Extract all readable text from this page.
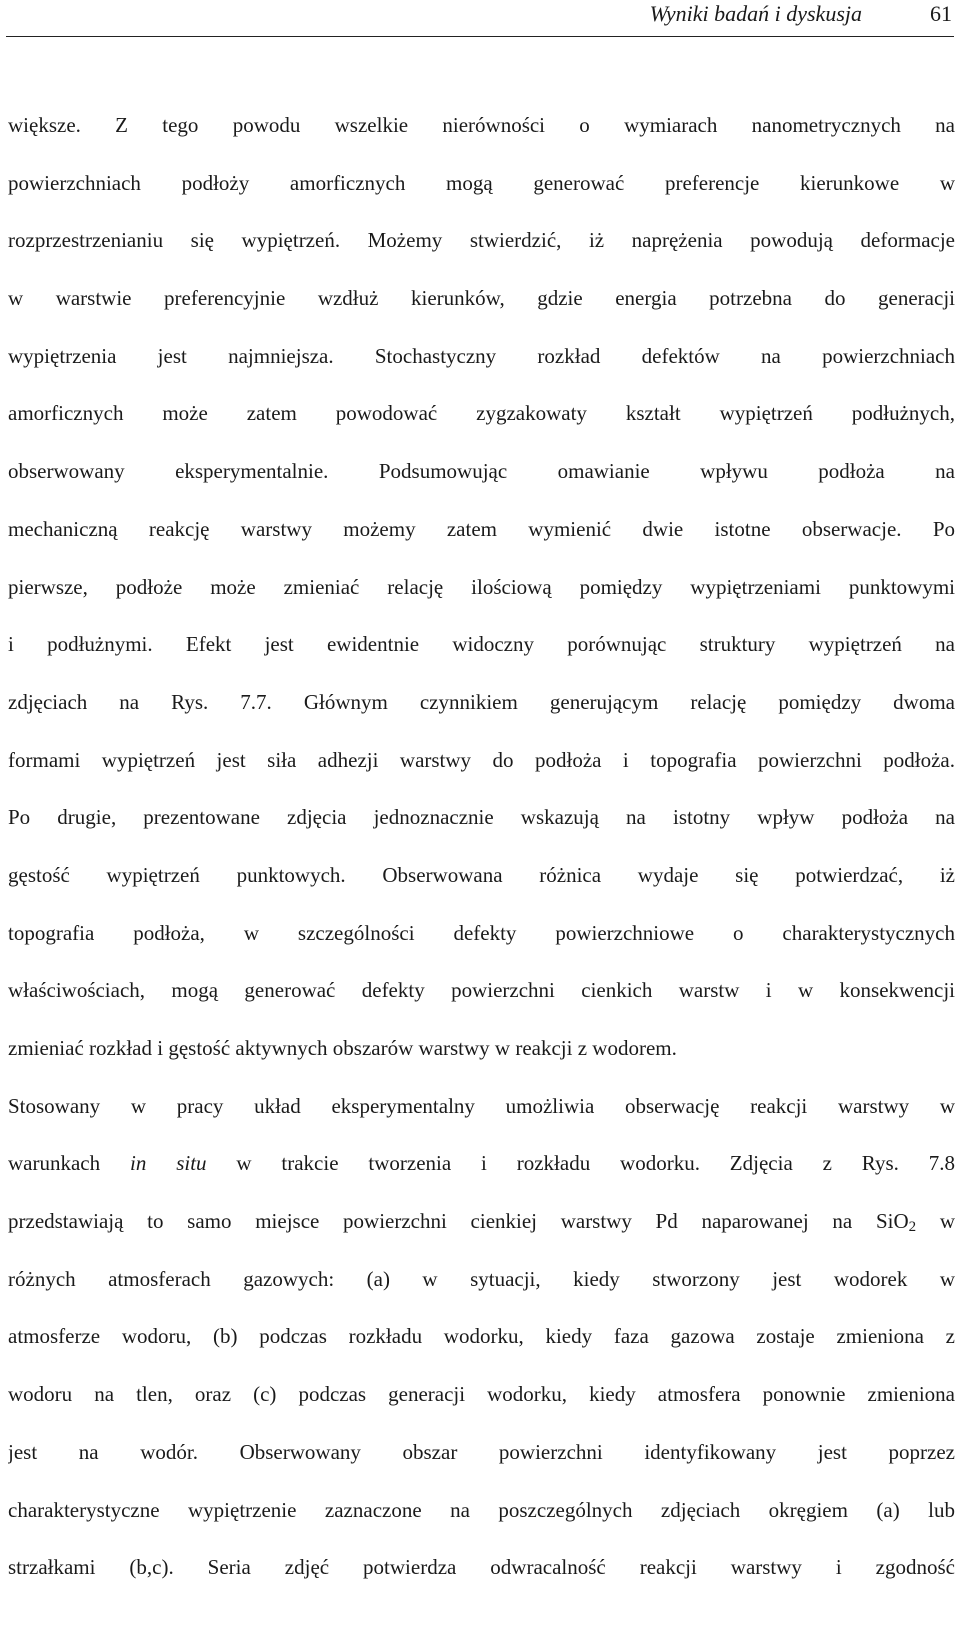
Wyniki badań i dyskusja	61
większe. Z tego powodu wszelkie nierówności o wymiarach nanometrycznych na
powierzchniach podłoży amorficznych mogą generować preferencje kierunkowe w
rozprzestrzenianiu się wypiętrzeń. Możemy stwierdzić, iż naprężenia powodują deformacje
w warstwie preferencyjnie wzdłuż kierunków, gdzie energia potrzebna do generacji
wypiętrzenia jest najmniejsza. Stochastyczny rozkład defektów na powierzchniach
amorficznych może zatem powodować zygzakowaty kształt wypiętrzeń podłużnych,
obserwowany eksperymentalnie. Podsumowując omawianie wpływu podłoża na
mechaniczną reakcję warstwy możemy zatem wymienić dwie istotne obserwacje. Po
pierwsze, podłoże może zmieniać relację ilościową pomiędzy wypiętrzeniami punktowymi
i podłużnymi. Efekt jest ewidentnie widoczny porównując struktury wypiętrzeń na
zdjęciach na Rys. 7.7. Głównym czynnikiem generującym relację pomiędzy dwoma
formami wypiętrzeń jest siła adhezji warstwy do podłoża i topografia powierzchni podłoża.
Po drugie, prezentowane zdjęcia jednoznacznie wskazują na istotny wpływ podłoża na
gęstość wypiętrzeń punktowych. Obserwowana różnica wydaje się potwierdzać, iż
topografia podłoża, w szczególności defekty powierzchniowe o charakterystycznych
właściwościach, mogą generować defekty powierzchni cienkich warstw i w konsekwencji
zmieniać rozkład i gęstość aktywnych obszarów warstwy w reakcji z wodorem.
Stosowany w pracy układ eksperymentalny umożliwia obserwację reakcji warstwy w
warunkach in situ w trakcie tworzenia i rozkładu wodorku. Zdjęcia z Rys. 7.8
przedstawiają to samo miejsce powierzchni cienkiej warstwy Pd naparowanej na SiO$_2$ w
różnych atmosferach gazowych: (a) w sytuacji, kiedy stworzony jest wodorek w
atmosferze wodoru, (b) podczas rozkładu wodorku, kiedy faza gazowa zostaje zmieniona z
wodoru na tlen, oraz (c) podczas generacji wodorku, kiedy atmosfera ponownie zmieniona
jest na wodór. Obserwowany obszar powierzchni identyfikowany jest poprzez
charakterystyczne wypiętrzenie zaznaczone na poszczególnych zdjęciach okręgiem (a) lub
strzałkami (b,c). Seria zdjęć potwierdza odwracalność reakcji warstwy i zgodność
